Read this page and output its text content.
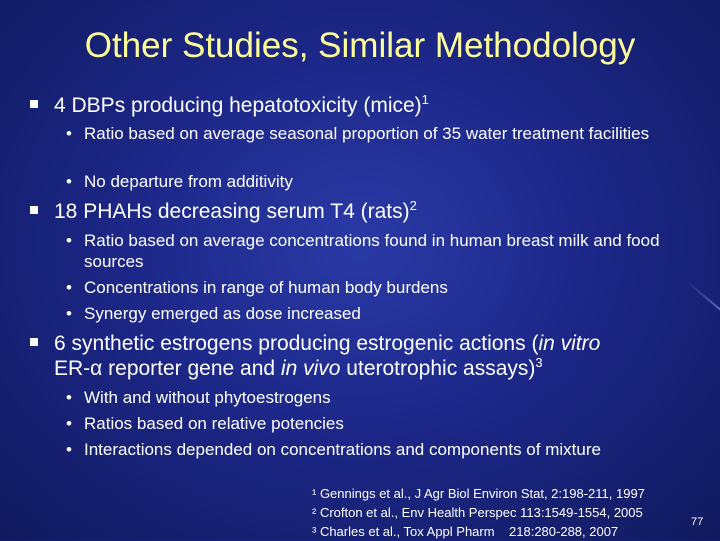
Other Studies, Similar Methodology
4 DBPs producing hepatotoxicity (mice)$^1$
• Ratio based on average seasonal proportion of 35 water treatment facilities
• No departure from additivity
18 PHAHs decreasing serum T4 (rats)$^2$
• Ratio based on average concentrations found in human breast milk and food sources
• Concentrations in range of human body burdens
• Synergy emerged as dose increased
6 synthetic estrogens producing estrogenic actions (in vitro
ER-α reporter gene and in vivo uterotrophic assays)$^3$
• With and without phytoestrogens
• Ratios based on relative potencies
• Interactions depended on concentrations and components of mixture
¹ Gennings et al., J Agr Biol Environ Stat, 2:198-211, 1997
² Crofton et al., Env Health Perspec 113:1549-1554, 2005
³ Charles et al., Tox Appl Pharm    218:280-288, 2007
77
